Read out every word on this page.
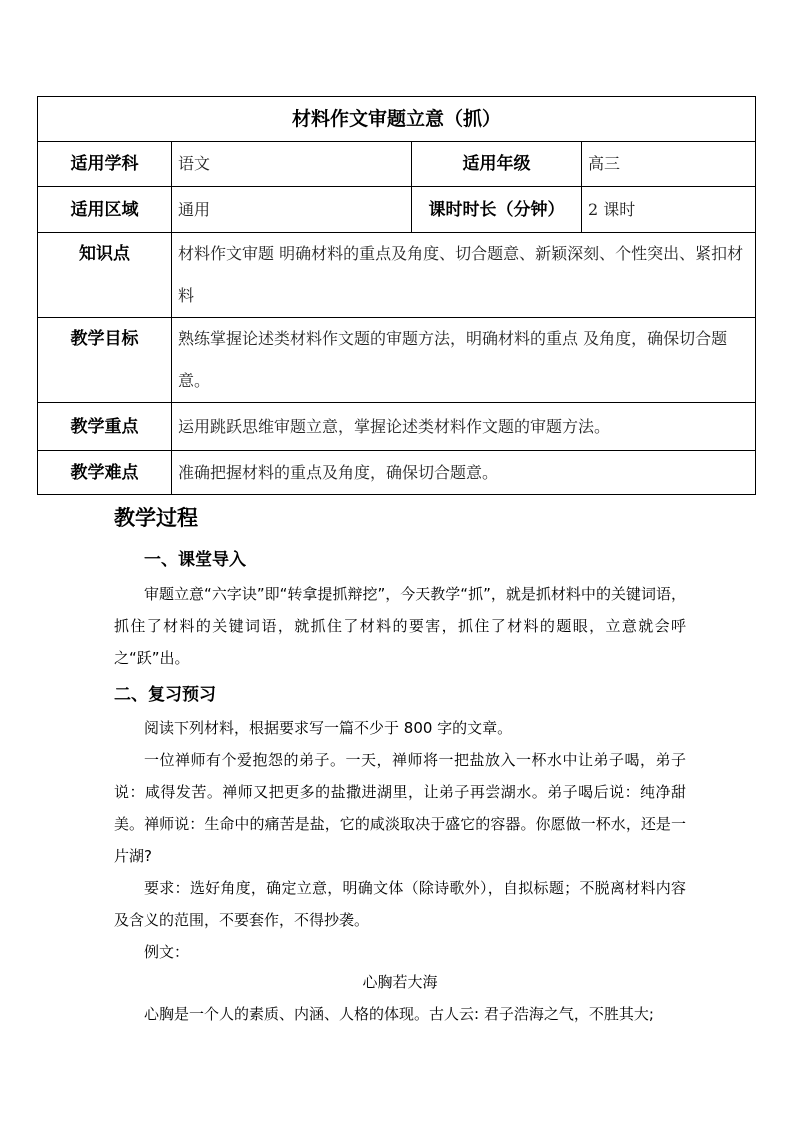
材料作文审题立意（抓）			
适用学科	语文	适用年级	高三
适用区域	通用	课时时长（分钟）	2 课时
知识点	材料作文审题 明确材料的重点及角度、切合题意、新颖深刻、个性突出、紧扣材料		
教学目标	熟练掌握论述类材料作文题的审题方法，明确材料的重点 及角度，确保切合题意。		
教学重点	运用跳跃思维审题立意，掌握论述类材料作文题的审题方法。		
教学难点	准确把握材料的重点及角度，确保切合题意。		
教学过程
一、课堂导入

审题立意“六字诀”即“转拿提抓辩挖”，今天教学“抓”，就是抓材料中的关键词语，抓住了材料的关键词语，就抓住了材料的要害，抓住了材料的题眼，立意就会呼之“跃”出。

二、复习预习

阅读下列材料，根据要求写一篇不少于 800 字的文章。

一位禅师有个爱抱怨的弟子。一天，禅师将一把盐放入一杯水中让弟子喝，弟子说：咸得发苦。禅师又把更多的盐撒进湖里，让弟子再尝湖水。弟子喝后说：纯净甜美。禅师说：生命中的痛苦是盐，它的咸淡取决于盛它的容器。你愿做一杯水，还是一片湖?

要求：选好角度，确定立意，明确文体（除诗歌外），自拟标题；不脱离材料内容及含义的范围，不要套作，不得抄袭。

例文：

心胸若大海

心胸是一个人的素质、内涵、人格的体现。古人云: 君子浩海之气，不胜其大;
